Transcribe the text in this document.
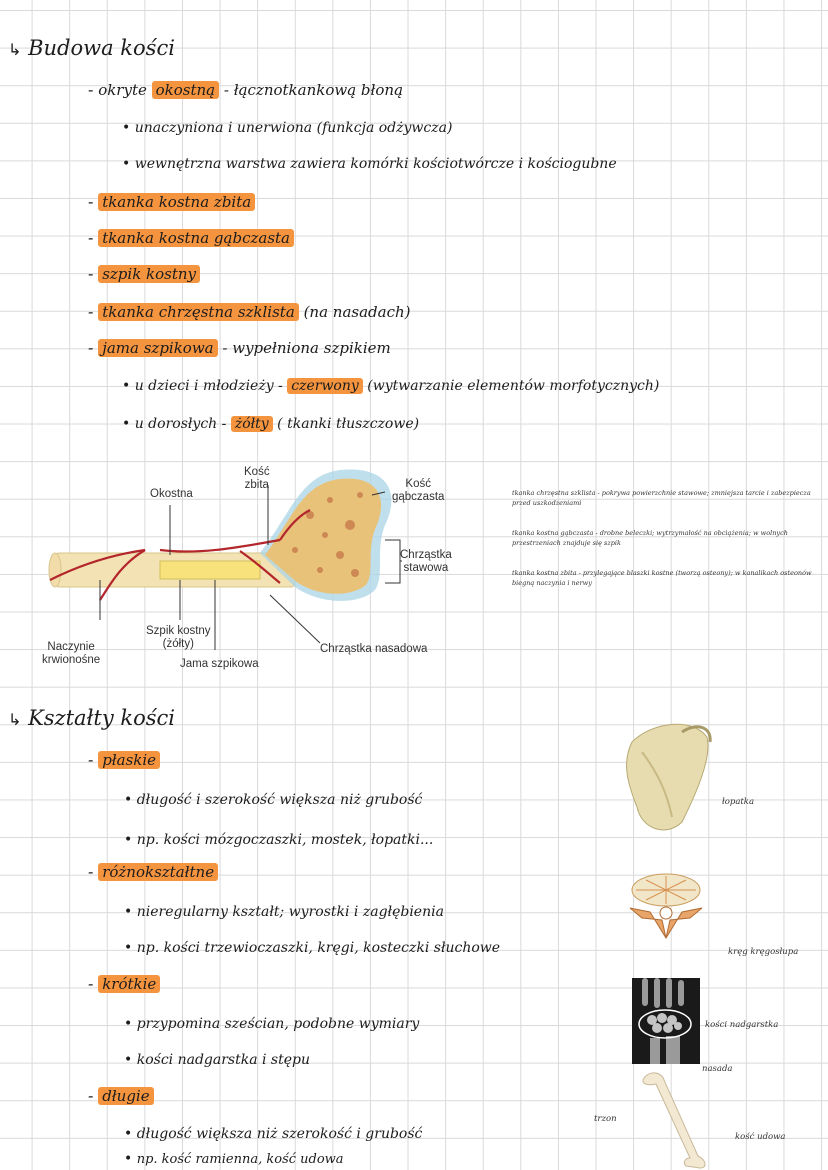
↳ Budowa kości
- okryte okostną - łącznotkankową błoną
• unaczyniona i unerwiona (funkcja odżywcza)
• wewnętrzna warstwa zawiera komórki kościotwórcze i kościogubne
- tkanka kostna zbita
- tkanka kostna gąbczasta
- szpik kostny
- tkanka chrzęstna szklista (na nasadach)
- jama szpikowa - wypełniona szpikiem
• u dzieci i młodzieży - czerwony (wytwarzanie elementów morfotycznych)
• u dorosłych - żółty ( tkanki tłuszczowe)
Kość
zbita
Okostna
Kość
gąbczasta
Chrząstka
stawowa
Naczynie
krwionośne
Szpik kostny
(żółty)
Jama szpikowa
Chrząstka nasadowa
tkanka chrzęstna szklista - pokrywa powierzchnie stawowe; zmniejsza tarcie i zabezpiecza przed uszkodzeniami
tkanka kostna gąbczasta - drobne beleczki; wytrzymałość na obciążenia; w wolnych przestrzeniach znajduje się szpik
tkanka kostna zbita - przylegające blaszki kostne (tworzą osteony); w kanalikach osteonów biegną naczynia i nerwy
↳ Kształty kości
- płaskie
• długość i szerokość większa niż grubość
• np. kości mózgoczaszki, mostek, łopatki...
- różnokształtne
• nieregularny kształt; wyrostki i zagłębienia
• np. kości trzewioczaszki, kręgi, kosteczki słuchowe
- krótkie
• przypomina sześcian, podobne wymiary
• kości nadgarstka i stępu
- długie
• długość większa niż szerokość i grubość
• np. kość ramienna, kość udowa
łopatka
kręg kręgosłupa
kości nadgarstka
nasada
trzon
kość udowa
